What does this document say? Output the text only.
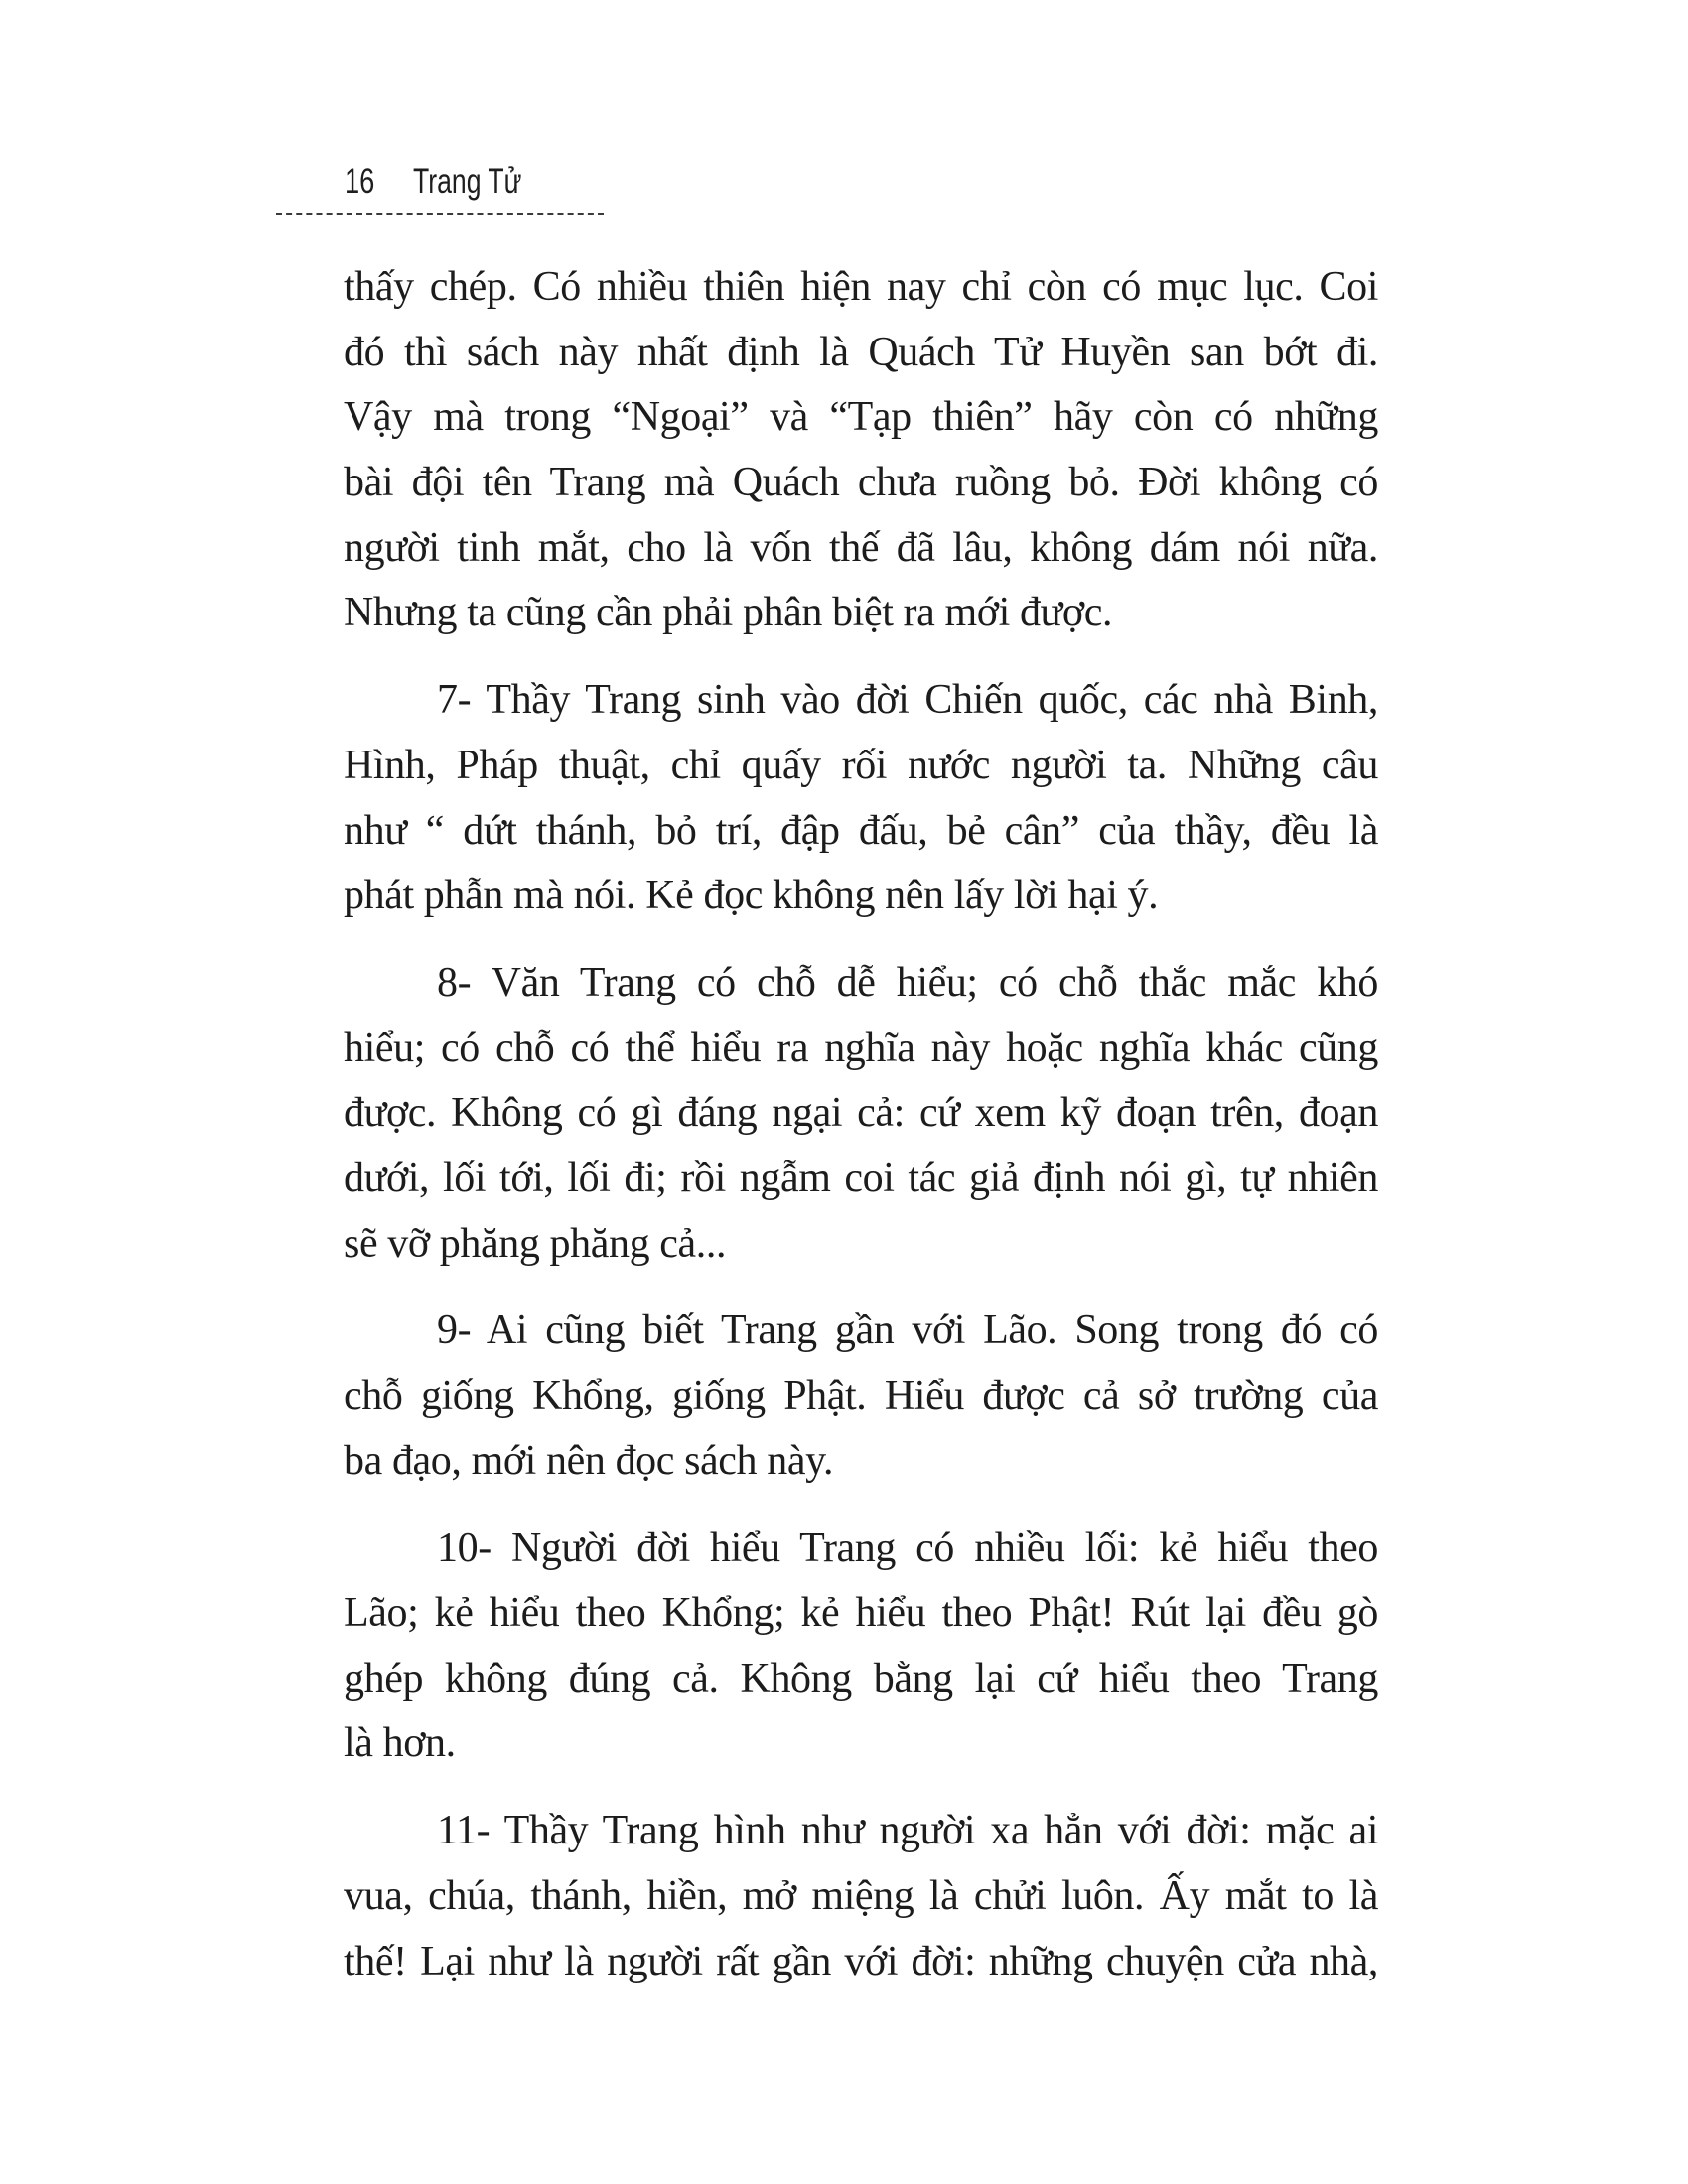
16 Trang Tử

thấy chép. Có nhiều thiên hiện nay chỉ còn có mục lục. Coi
đó thì sách này nhất định là Quách Tử Huyền san bớt đi.
Vậy mà trong “Ngoại” và “Tạp thiên” hãy còn có những
bài đội tên Trang mà Quách chưa ruồng bỏ. Đời không có
người tinh mắt, cho là vốn thế đã lâu, không dám nói nữa.
Nhưng ta cũng cần phải phân biệt ra mới được.

7- Thầy Trang sinh vào đời Chiến quốc, các nhà Binh,
Hình, Pháp thuật, chỉ quấy rối nước người ta. Những câu
như “ dứt thánh, bỏ trí, đập đấu, bẻ cân” của thầy, đều là
phát phẫn mà nói. Kẻ đọc không nên lấy lời hại ý.

8- Văn Trang có chỗ dễ hiểu; có chỗ thắc mắc khó
hiểu; có chỗ có thể hiểu ra nghĩa này hoặc nghĩa khác cũng
được. Không có gì đáng ngại cả: cứ xem kỹ đoạn trên, đoạn
dưới, lối tới, lối đi; rồi ngẫm coi tác giả định nói gì, tự nhiên
sẽ vỡ phăng phăng cả...

9- Ai cũng biết Trang gần với Lão. Song trong đó có
chỗ giống Khổng, giống Phật. Hiểu được cả sở trường của
ba đạo, mới nên đọc sách này.

10- Người đời hiểu Trang có nhiều lối: kẻ hiểu theo
Lão; kẻ hiểu theo Khổng; kẻ hiểu theo Phật! Rút lại đều gò
ghép không đúng cả. Không bằng lại cứ hiểu theo Trang
là hơn.

11- Thầy Trang hình như người xa hẳn với đời: mặc ai
vua, chúa, thánh, hiền, mở miệng là chửi luôn. Ấy mắt to là
thế! Lại như là người rất gần với đời: những chuyện cửa nhà,
